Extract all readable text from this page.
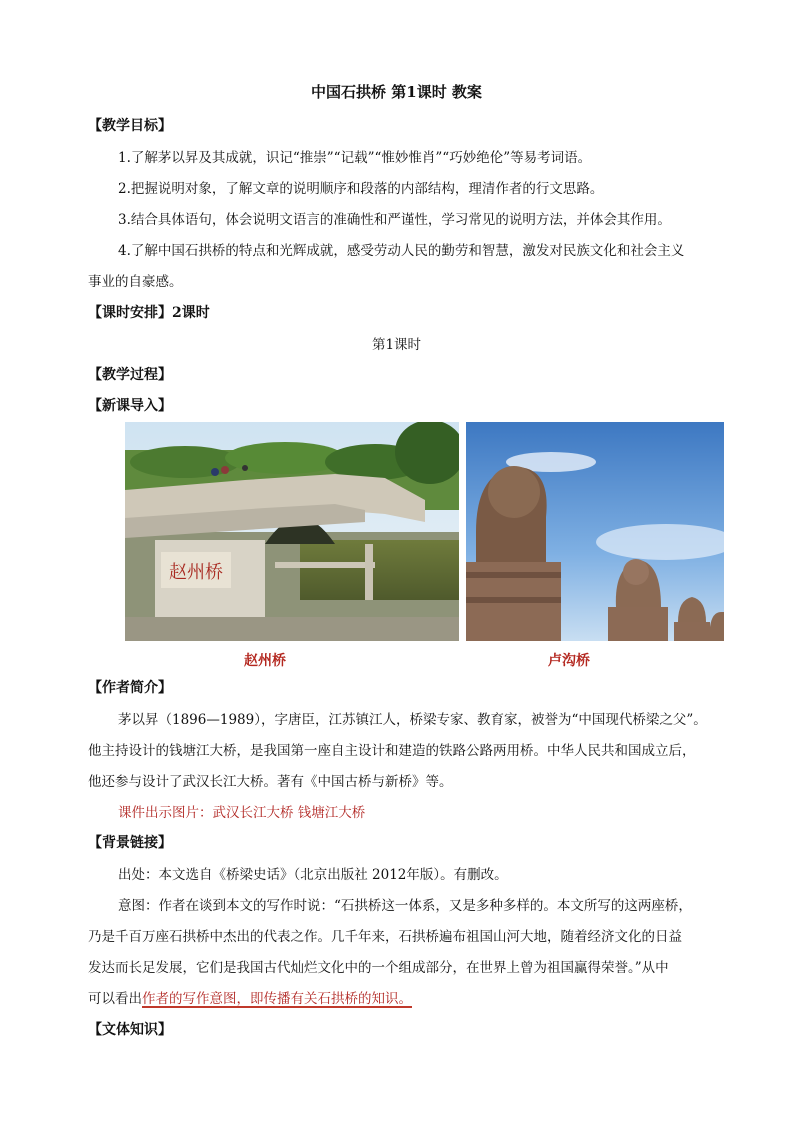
中国石拱桥 第1课时 教案
【教学目标】
1.了解茅以昇及其成就，识记“推崇”“记载”“惟妙惟肖”“巧妙绝伦”等易考词语。
2.把握说明对象，了解文章的说明顺序和段落的内部结构，理清作者的行文思路。
3.结合具体语句，体会说明文语言的准确性和严谨性，学习常见的说明方法，并体会其作用。
4.了解中国石拱桥的特点和光辉成就，感受劳动人民的勤劳和智慧，激发对民族文化和社会主义
事业的自豪感。
【课时安排】2课时
第1课时
【教学过程】
【新课导入】
赵州桥
赵州桥	卢沟桥
【作者简介】
茅以昇（1896—1989），字唐臣，江苏镇江人，桥梁专家、教育家，被誉为“中国现代桥梁之父”。
他主持设计的钱塘江大桥，是我国第一座自主设计和建造的铁路公路两用桥。中华人民共和国成立后，
他还参与设计了武汉长江大桥。著有《中国古桥与新桥》等。
课件出示图片：武汉长江大桥 钱塘江大桥
【背景链接】
出处：本文选自《桥梁史话》（北京出版社 2012年版）。有删改。
意图：作者在谈到本文的写作时说：“石拱桥这一体系，又是多种多样的。本文所写的这两座桥，
乃是千百万座石拱桥中杰出的代表之作。几千年来，石拱桥遍布祖国山河大地，随着经济文化的日益
发达而长足发展，它们是我国古代灿烂文化中的一个组成部分，在世界上曾为祖国赢得荣誉。”从中
可以看出作者的写作意图，即传播有关石拱桥的知识。
【文体知识】
